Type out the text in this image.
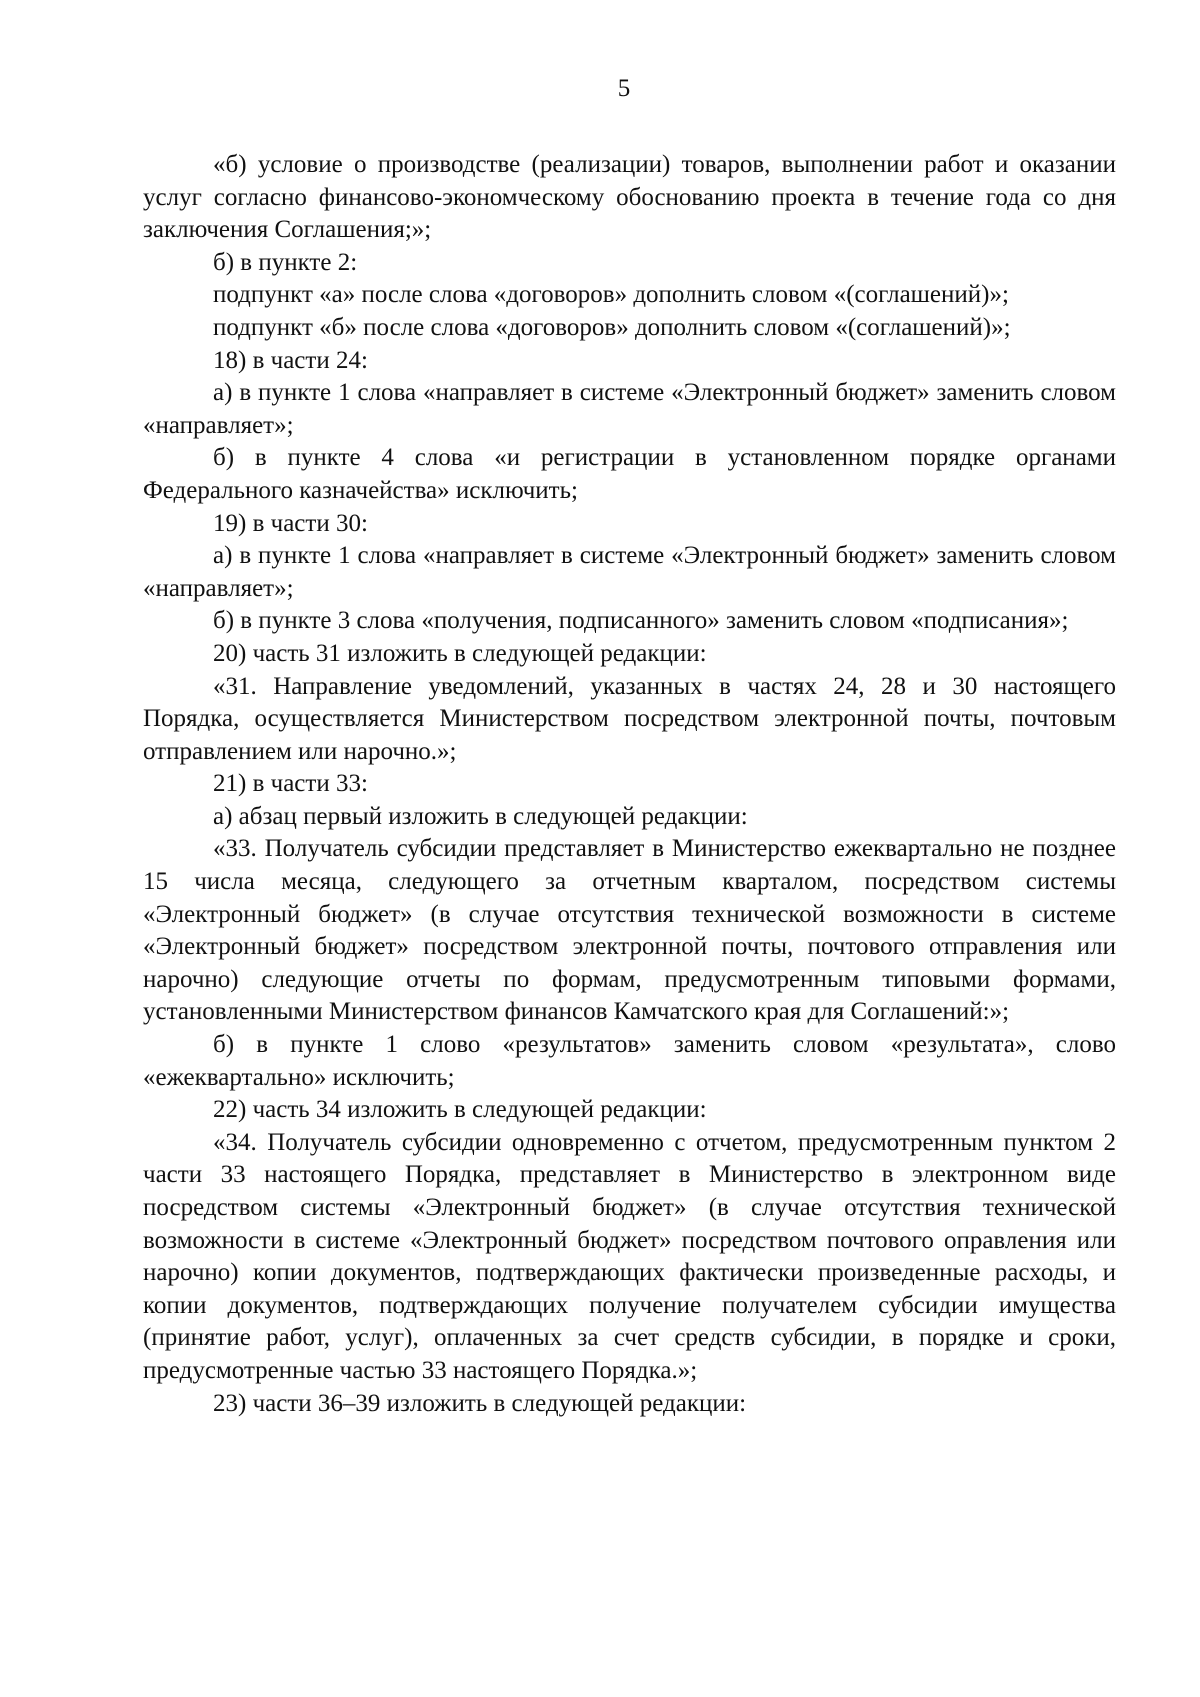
5

«б) условие о производстве (реализации) товаров, выполнении работ и оказании услуг согласно финансово-экономческому обоснованию проекта в течение года со дня заключения Соглашения;»;

б) в пункте 2:

подпункт «а» после слова «договоров» дополнить словом «(соглашений)»;

подпункт «б» после слова «договоров» дополнить словом «(соглашений)»;

18) в части 24:

а) в пункте 1 слова «направляет в системе «Электронный бюджет» заменить словом «направляет»;

б) в пункте 4 слова «и регистрации в установленном порядке органами Федерального казначейства» исключить;

19) в части 30:

а) в пункте 1 слова «направляет в системе «Электронный бюджет» заменить словом «направляет»;

б) в пункте 3 слова «получения, подписанного» заменить словом «подписания»;

20) часть 31 изложить в следующей редакции:

«31. Направление уведомлений, указанных в частях 24, 28 и 30 настоящего Порядка, осуществляется Министерством посредством электронной почты, почтовым отправлением или нарочно.»;

21) в части 33:

а) абзац первый изложить в следующей редакции:

«33. Получатель субсидии представляет в Министерство ежеквартально не позднее 15 числа месяца, следующего за отчетным кварталом, посредством системы «Электронный бюджет» (в случае отсутствия технической возможности в системе «Электронный бюджет» посредством электронной почты, почтового отправления или нарочно) следующие отчеты по формам, предусмотренным типовыми формами, установленными Министерством финансов Камчатского края для Соглашений:»;

б) в пункте 1 слово «результатов» заменить словом «результата», слово «ежеквартально» исключить;

22) часть 34 изложить в следующей редакции:

«34. Получатель субсидии одновременно с отчетом, предусмотренным пунктом 2 части 33 настоящего Порядка, представляет в Министерство в электронном виде посредством системы «Электронный бюджет» (в случае отсутствия технической возможности в системе «Электронный бюджет» посредством почтового оправления или нарочно) копии документов, подтверждающих фактически произведенные расходы, и копии документов, подтверждающих получение получателем субсидии имущества (принятие работ, услуг), оплаченных за счет средств субсидии, в порядке и сроки, предусмотренные частью 33 настоящего Порядка.»;

23) части 36–39 изложить в следующей редакции:
